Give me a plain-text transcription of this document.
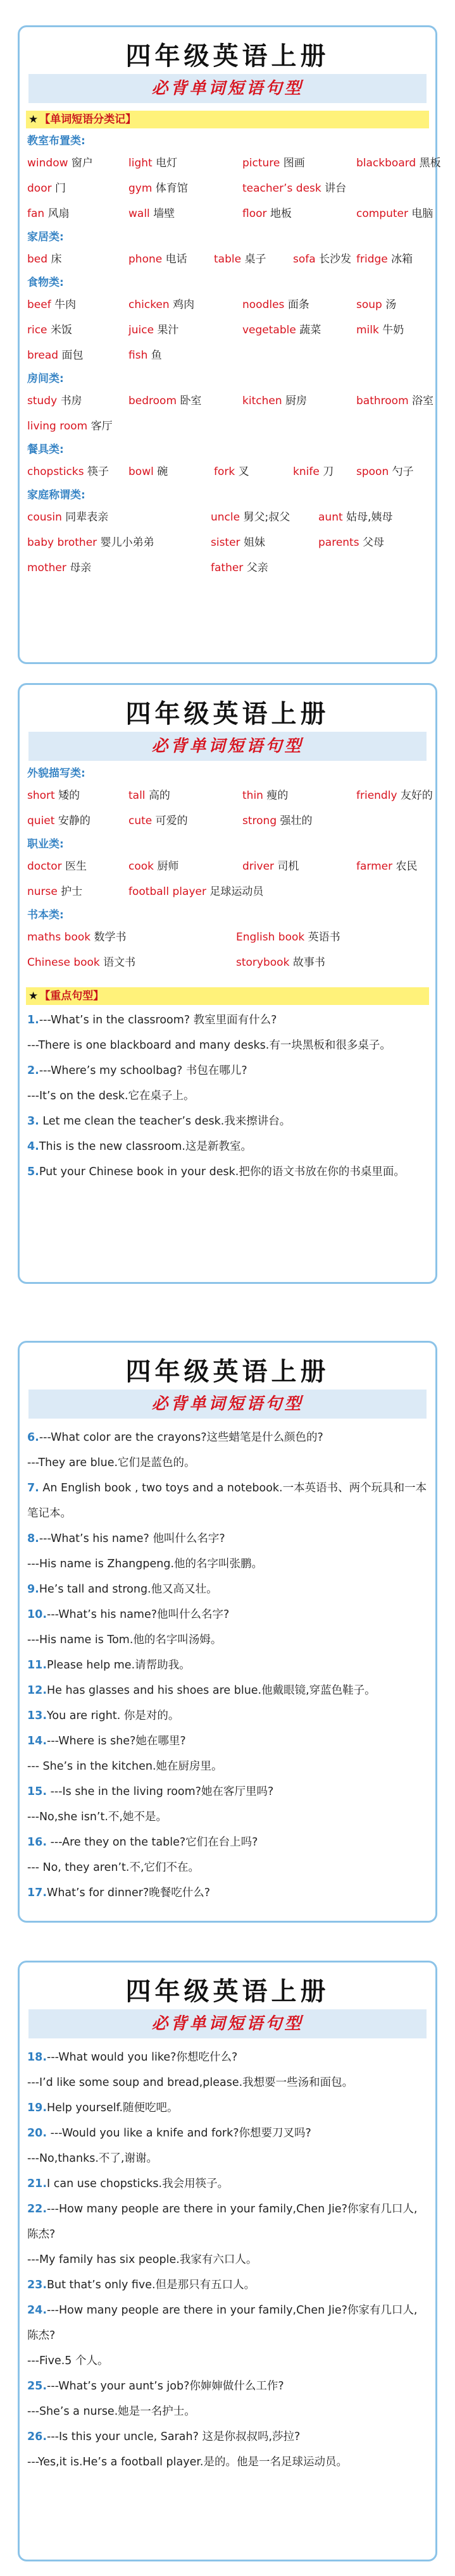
四年级英语上册
必背单词短语句型
★ 【单词短语分类记】
教室布置类:
window 窗户	light 电灯	picture 图画	blackboard 黑板
door 门	gym 体育馆	teacher’s desk 讲台
fan 风扇	wall 墙壁	floor 地板	computer 电脑
家居类:
bed 床	phone 电话 table 桌子	sofa 长沙发 fridge 冰箱
食物类:
beef 牛肉	chicken 鸡肉	noodles 面条	soup 汤
rice 米饭	juice 果汁	vegetable 蔬菜	milk 牛奶
bread 面包	fish 鱼
房间类:
study 书房	bedroom 卧室	kitchen 厨房	bathroom 浴室
living room 客厅
餐具类:
chopsticks 筷子 bowl 碗	fork 叉	knife 刀 spoon 勺子
家庭称谓类:
cousin 同辈表亲	uncle 舅父;叔父	aunt 姑母,姨母
baby brother 婴儿小弟弟	sister 姐妹	parents 父母
mother 母亲	father 父亲
四年级英语上册
必背单词短语句型
外貌描写类:
short 矮的	tall 高的	thin 瘦的	friendly 友好的
quiet 安静的	cute 可爱的	strong 强壮的
职业类:
doctor 医生	cook 厨师	driver 司机	farmer 农民
nurse 护士	football player 足球运动员
书本类:
maths book 数学书	English book 英语书
Chinese book 语文书	storybook 故事书
★ 【重点句型】
1.---What’s in the classroom? 教室里面有什么?
---There is one blackboard and many desks.有一块黑板和很多桌子。
2.---Where’s my schoolbag? 书包在哪儿?
---It’s on the desk.它在桌子上。
3. Let me clean the teacher’s desk.我来擦讲台。
4.This is the new classroom.这是新教室。
5.Put your Chinese book in your desk.把你的语文书放在你的书桌里面。
四年级英语上册
必背单词短语句型
6.---What color are the crayons?这些蜡笔是什么颜色的?
---They are blue.它们是蓝色的。
7. An English book , two toys and a notebook.一本英语书、两个玩具和一本笔记本。
8.---What’s his name? 他叫什么名字?
---His name is Zhangpeng.他的名字叫张鹏。
9.He’s tall and strong.他又高又壮。
10.---What’s his name?他叫什么名字?
---His name is Tom.他的名字叫汤姆。
11.Please help me.请帮助我。
12.He has glasses and his shoes are blue.他戴眼镜,穿蓝色鞋子。
13.You are right. 你是对的。
14.---Where is she?她在哪里?
--- She’s in the kitchen.她在厨房里。
15. ---Is she in the living room?她在客厅里吗?
---No,she isn’t.不,她不是。
16. ---Are they on the table?它们在台上吗?
--- No, they aren’t.不,它们不在。
17.What’s for dinner?晚餐吃什么?
四年级英语上册
必背单词短语句型
18.---What would you like?你想吃什么?
---I’d like some soup and bread,please.我想要一些汤和面包。
19.Help yourself.随便吃吧。
20. ---Would you like a knife and fork?你想要刀叉吗?
---No,thanks.不了,谢谢。
21.I can use chopsticks.我会用筷子。
22.---How many people are there in your family,Chen Jie?你家有几口人,陈杰?
---My family has six people.我家有六口人。
23.But that’s only five.但是那只有五口人。
24.---How many people are there in your family,Chen Jie?你家有几口人,陈杰?
---Five.5 个人。
25.---What’s your aunt’s job?你婶婶做什么工作?
---She’s a nurse.她是一名护士。
26.---Is this your uncle, Sarah? 这是你叔叔吗,莎拉?
---Yes,it is.He’s a football player.是的。他是一名足球运动员。
